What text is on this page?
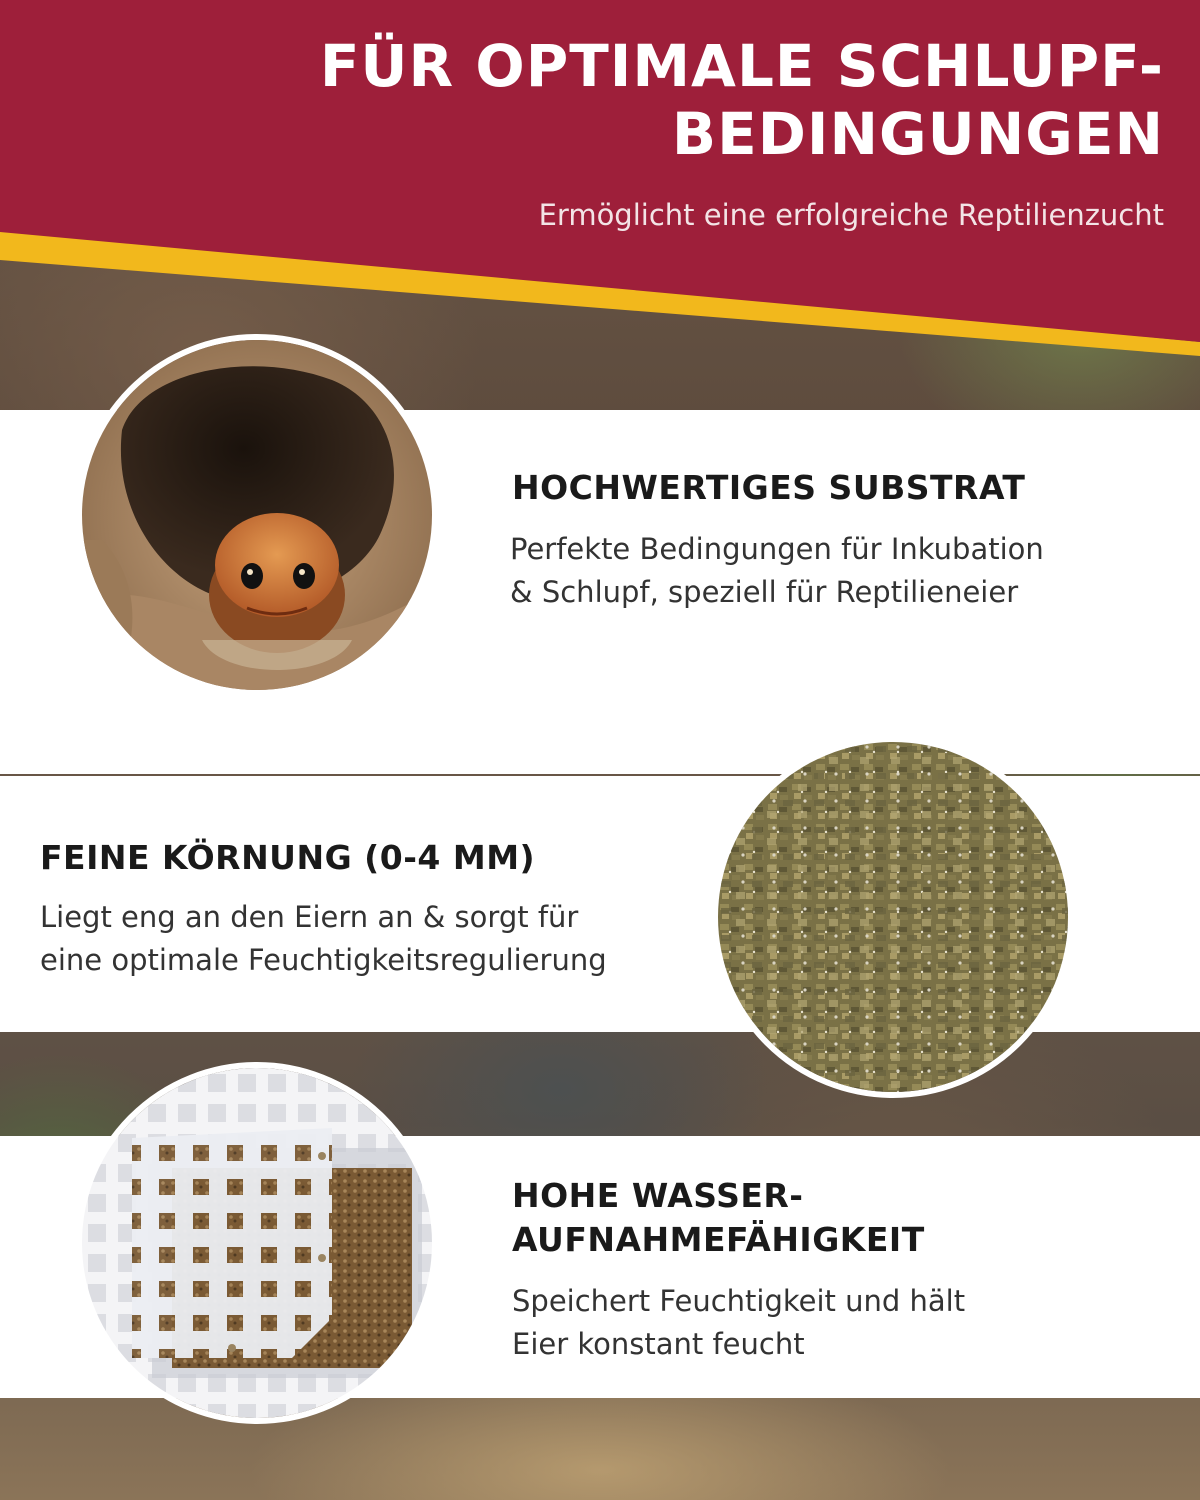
FÜR OPTIMALE SCHLUPF-
BEDINGUNGEN
Ermöglicht eine erfolgreiche Reptilienzucht
HOCHWERTIGES SUBSTRAT
Perfekte Bedingungen für Inkubation
& Schlupf, speziell für Reptilieneier
FEINE KÖRNUNG (0-4 MM)
Liegt eng an den Eiern an & sorgt für
eine optimale Feuchtigkeitsregulierung
HOHE WASSER-
AUFNAHMEFÄHIGKEIT
Speichert Feuchtigkeit und hält
Eier konstant feucht
